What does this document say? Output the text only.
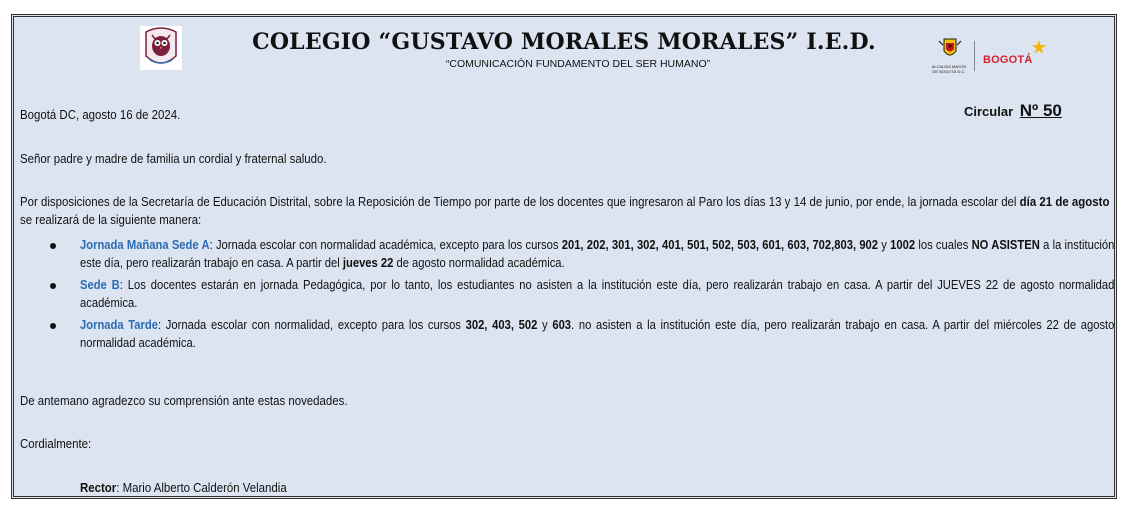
COLEGIO “GUSTAVO MORALES MORALES” I.E.D.
“COMUNICACIÓN FUNDAMENTO DEL SER HUMANO”	ALCALDÍA MAYOR DE BOGOTÁ D.C.
BOGOTÁ
Bogotá DC, agosto 16 de 2024.	Circular Nº 50
Señor padre y madre de familia un cordial y fraternal saludo.
Por disposiciones de la Secretaría de Educación Distrital, sobre la Reposición de Tiempo por parte de los docentes que ingresaron al Paro los días 13 y 14 de junio, por ende, la jornada escolar del día 21 de agosto se realizará de la siguiente manera:
Jornada Mañana Sede A: Jornada escolar con normalidad académica, excepto para los cursos 201, 202, 301, 302, 401, 501, 502, 503, 601, 603, 702,803, 902 y 1002 los cuales NO ASISTEN a la institución este día, pero realizarán trabajo en casa. A partir del jueves 22 de agosto normalidad académica.
Sede B: Los docentes estarán en jornada Pedagógica, por lo tanto, los estudiantes no asisten a la institución este día, pero realizarán trabajo en casa. A partir del JUEVES 22 de agosto normalidad académica.
Jornada Tarde: Jornada escolar con normalidad, excepto para los cursos 302, 403, 502 y 603. no asisten a la institución este día, pero realizarán trabajo en casa. A partir del miércoles 22 de agosto normalidad académica.
De antemano agradezco su comprensión ante estas novedades.
Cordialmente:
Rector: Mario Alberto Calderón Velandia
